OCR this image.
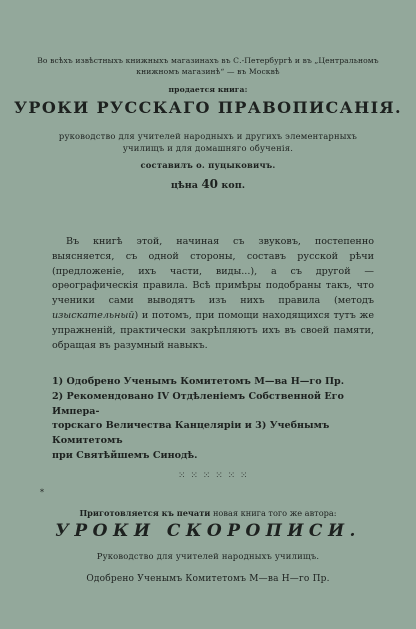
Во всѣхъ извѣстныхъ книжныхъ магазинахъ въ С.-Петербургѣ и въ „Центральномъ
книжномъ магазинѣ“ — въ Москвѣ
продается книга:
УРОКИ РУССКАГО ПРАВОПИСАНІЯ.
руководство для учителей народныхъ и другихъ элементарныхъ
училищъ и для домашняго обученія.
составилъ о. пуцыковичъ.
цѣна 40 коп.
Въ книгѣ этой, начиная съ звуковъ, постепенно выясняется, съ одной стороны, составъ русской рѣчи (предложеніе, ихъ части, виды...), а съ другой — орѳографическія правила. Всѣ примѣры подобраны такъ, что ученики сами выводятъ изъ нихъ правила (методъ изыскательный) и потомъ, при помощи находящихся тутъ же упражненій, практически закрѣпляютъ ихъ въ своей памяти, обращая въ разумный навыкъ.

1) Одобрено Ученымъ Комитетомъ М—ва Н—го Пр.

2) Рекомендовано IV Отдѣленіемъ Собственной Его Импера-

торскаго Величества Канцеляріи и 3) Учебнымъ Комитетомъ

при Святѣйшемъ Синодѣ.

*
⁙ ⁙ ⁙ ⁙ ⁙ ⁙
Приготовляется къ печати новая книга того же автора:
УРОКИ СКОРОПИСИ.
Руководство для учителей народныхъ училищъ.
Одобрено Ученымъ Комитетомъ М—ва Н—го Пр.
